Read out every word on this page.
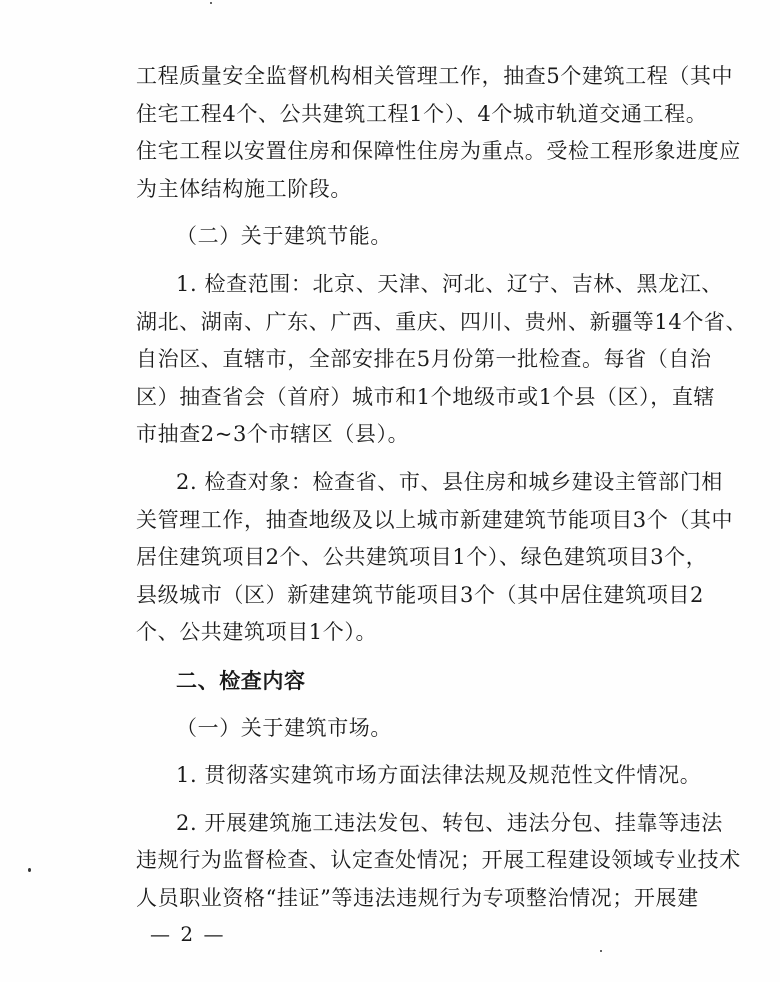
工程质量安全监督机构相关管理工作，抽查5个建筑工程（其中
住宅工程4个、公共建筑工程1个）、4个城市轨道交通工程。
住宅工程以安置住房和保障性住房为重点。受检工程形象进度应
为主体结构施工阶段。
（二）关于建筑节能。
1. 检查范围：北京、天津、河北、辽宁、吉林、黑龙江、
湖北、湖南、广东、广西、重庆、四川、贵州、新疆等14个省、
自治区、直辖市，全部安排在5月份第一批检查。每省（自治
区）抽查省会（首府）城市和1个地级市或1个县（区），直辖
市抽查2~3个市辖区（县）。
2. 检查对象：检查省、市、县住房和城乡建设主管部门相
关管理工作，抽查地级及以上城市新建建筑节能项目3个（其中
居住建筑项目2个、公共建筑项目1个）、绿色建筑项目3个，
县级城市（区）新建建筑节能项目3个（其中居住建筑项目2
个、公共建筑项目1个）。
二、检查内容
（一）关于建筑市场。
1. 贯彻落实建筑市场方面法律法规及规范性文件情况。
2. 开展建筑施工违法发包、转包、违法分包、挂靠等违法
违规行为监督检查、认定查处情况；开展工程建设领域专业技术
人员职业资格“挂证”等违法违规行为专项整治情况；开展建
— 2 —
